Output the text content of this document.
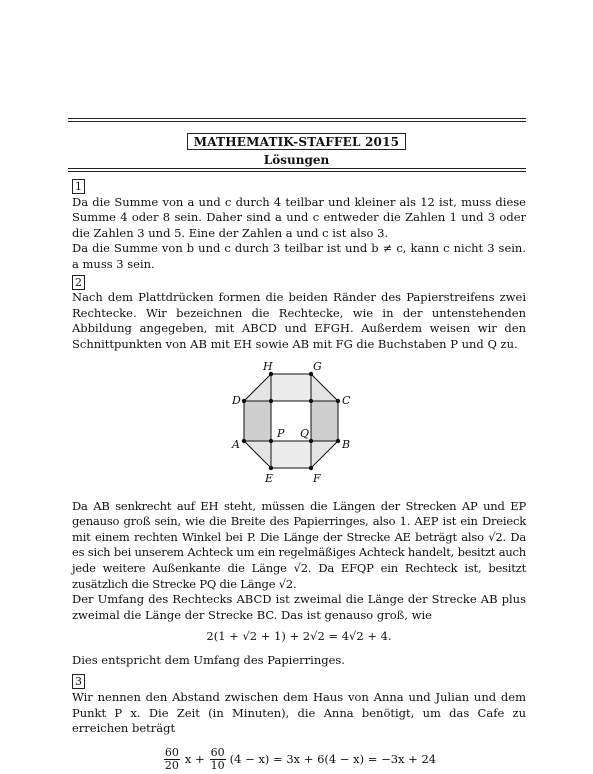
MATHEMATIK-STAFFEL 2015
Lösungen
1

Da die Summe von a und c durch 4 teilbar und kleiner als 12 ist, muss diese Summe 4 oder 8 sein. Daher sind a und c entweder die Zahlen 1 und 3 oder die Zahlen 3 und 5. Eine der Zahlen a und c ist also 3.

Da die Summe von b und c durch 3 teilbar ist und b ≠ c, kann c nicht 3 sein. a muss 3 sein.

2

Nach dem Plattdrücken formen die beiden Ränder des Papierstreifens zwei Rechtecke. Wir bezeichnen die Rechtecke, wie in der untenstehenden Abbildung angegeben, mit ABCD und EFGH. Außerdem weisen wir den Schnittpunkten von AB mit EH sowie AB mit FG die Buchstaben P und Q zu.

H	G
D	C
A	B
P Q
E	F

Da AB senkrecht auf EH steht, müssen die Längen der Strecken AP und EP genauso groß sein, wie die Breite des Papierringes, also 1. AEP ist ein Dreieck mit einem rechten Winkel bei P. Die Länge der Strecke AE beträgt also √2. Da es sich bei unserem Achteck um ein regelmäßiges Achteck handelt, besitzt auch jede weitere Außenkante die Länge √2. Da EFQP ein Rechteck ist, besitzt zusätzlich die Strecke PQ die Länge √2.

Der Umfang des Rechtecks ABCD ist zweimal die Länge der Strecke AB plus zweimal die Länge der Strecke BC. Das ist genauso groß, wie

2(1 + √2 + 1) + 2√2 = 4√2 + 4.

Dies entspricht dem Umfang des Papierringes.

3

Wir nennen den Abstand zwischen dem Haus von Anna und Julian und dem Punkt P x. Die Zeit (in Minuten), die Anna benötigt, um das Cafe zu erreichen beträgt

$\frac{60}{20}$ $x + \frac{60}{10} (4 - x) = 3x + 6(4 - x) = -3x + 24$
